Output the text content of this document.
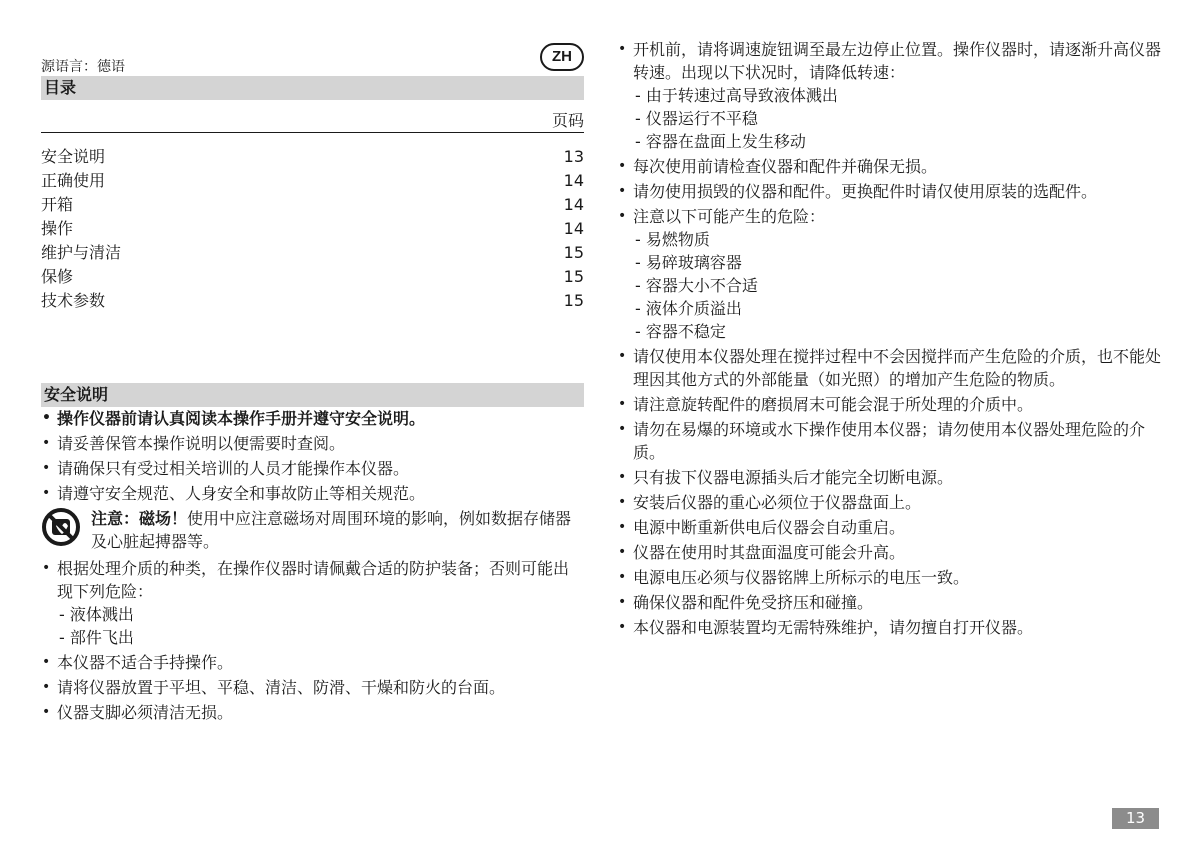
源语言：德语
ZH
目录
页码
安全说明	13
正确使用	14
开箱	14
操作	14
维护与清洁	15
保修	15
技术参数	15
安全说明
• 操作仪器前请认真阅读本操作手册并遵守安全说明。
• 请妥善保管本操作说明以便需要时查阅。
• 请确保只有受过相关培训的人员才能操作本仪器。
• 请遵守安全规范、人身安全和事故防止等相关规范。
注意：磁场！使用中应注意磁场对周围环境的影响，例如数据存储器及心脏起搏器等。
• 根据处理介质的种类，在操作仪器时请佩戴合适的防护装备；否则可能出现下列危险：
- 液体溅出
- 部件飞出
• 本仪器不适合手持操作。
• 请将仪器放置于平坦、平稳、清洁、防滑、干燥和防火的台面。
• 仪器支脚必须清洁无损。
• 开机前，请将调速旋钮调至最左边停止位置。操作仪器时，请逐渐升高仪器转速。出现以下状况时，请降低转速：
- 由于转速过高导致液体溅出
- 仪器运行不平稳
- 容器在盘面上发生移动
• 每次使用前请检查仪器和配件并确保无损。
• 请勿使用损毁的仪器和配件。更换配件时请仅使用原装的选配件。
• 注意以下可能产生的危险：
- 易燃物质
- 易碎玻璃容器
- 容器大小不合适
- 液体介质溢出
- 容器不稳定
• 请仅使用本仪器处理在搅拌过程中不会因搅拌而产生危险的介质，也不能处理因其他方式的外部能量（如光照）的增加产生危险的物质。
• 请注意旋转配件的磨损屑末可能会混于所处理的介质中。
• 请勿在易爆的环境或水下操作使用本仪器；请勿使用本仪器处理危险的介质。
• 只有拔下仪器电源插头后才能完全切断电源。
• 安装后仪器的重心必须位于仪器盘面上。
• 电源中断重新供电后仪器会自动重启。
• 仪器在使用时其盘面温度可能会升高。
• 电源电压必须与仪器铭牌上所标示的电压一致。
• 确保仪器和配件免受挤压和碰撞。
• 本仪器和电源装置均无需特殊维护，请勿擅自打开仪器。
13
